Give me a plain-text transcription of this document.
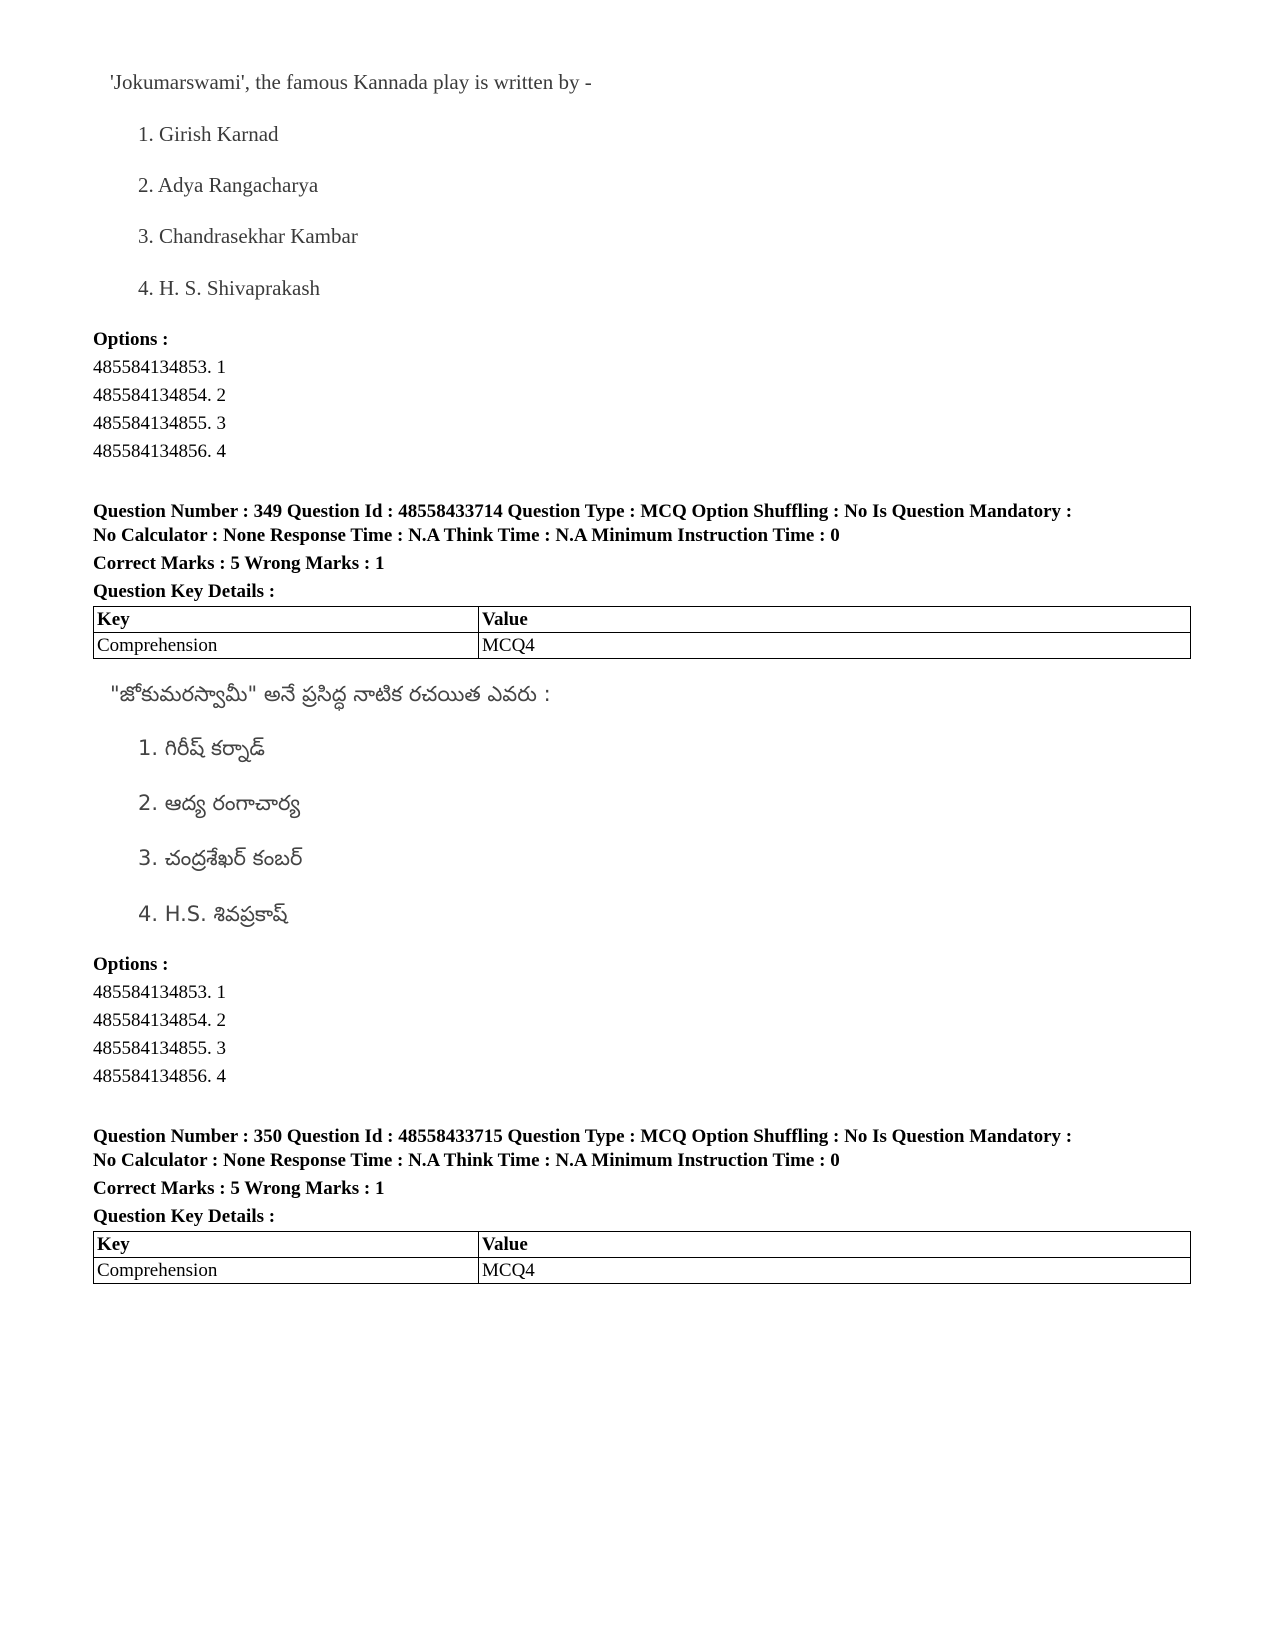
'Jokumarswami', the famous Kannada play is written by -

1. Girish Karnad
2. Adya Rangacharya
3. Chandrasekhar Kambar
4. H. S. Shivaprakash
Options :
485584134853. 1
485584134854. 2
485584134855. 3
485584134856. 4
Question Number : 349 Question Id : 48558433714 Question Type : MCQ Option Shuffling : No Is Question Mandatory :
No Calculator : None Response Time : N.A Think Time : N.A Minimum Instruction Time : 0
Correct Marks : 5 Wrong Marks : 1
Question Key Details :
Key	Value
Comprehension	MCQ4

"జోకుమరస్వామీ" అనే ప్రసిద్ధ నాటిక రచయిత ఎవరు :

1. గిరీష్ కర్నాడ్
2. ఆద్య రంగాచార్య
3. చంద్రశేఖర్ కంబర్
4. H.S. శివప్రకాష్
Options :
485584134853. 1
485584134854. 2
485584134855. 3
485584134856. 4
Question Number : 350 Question Id : 48558433715 Question Type : MCQ Option Shuffling : No Is Question Mandatory :
No Calculator : None Response Time : N.A Think Time : N.A Minimum Instruction Time : 0
Correct Marks : 5 Wrong Marks : 1
Question Key Details :
Key	Value
Comprehension	MCQ4
